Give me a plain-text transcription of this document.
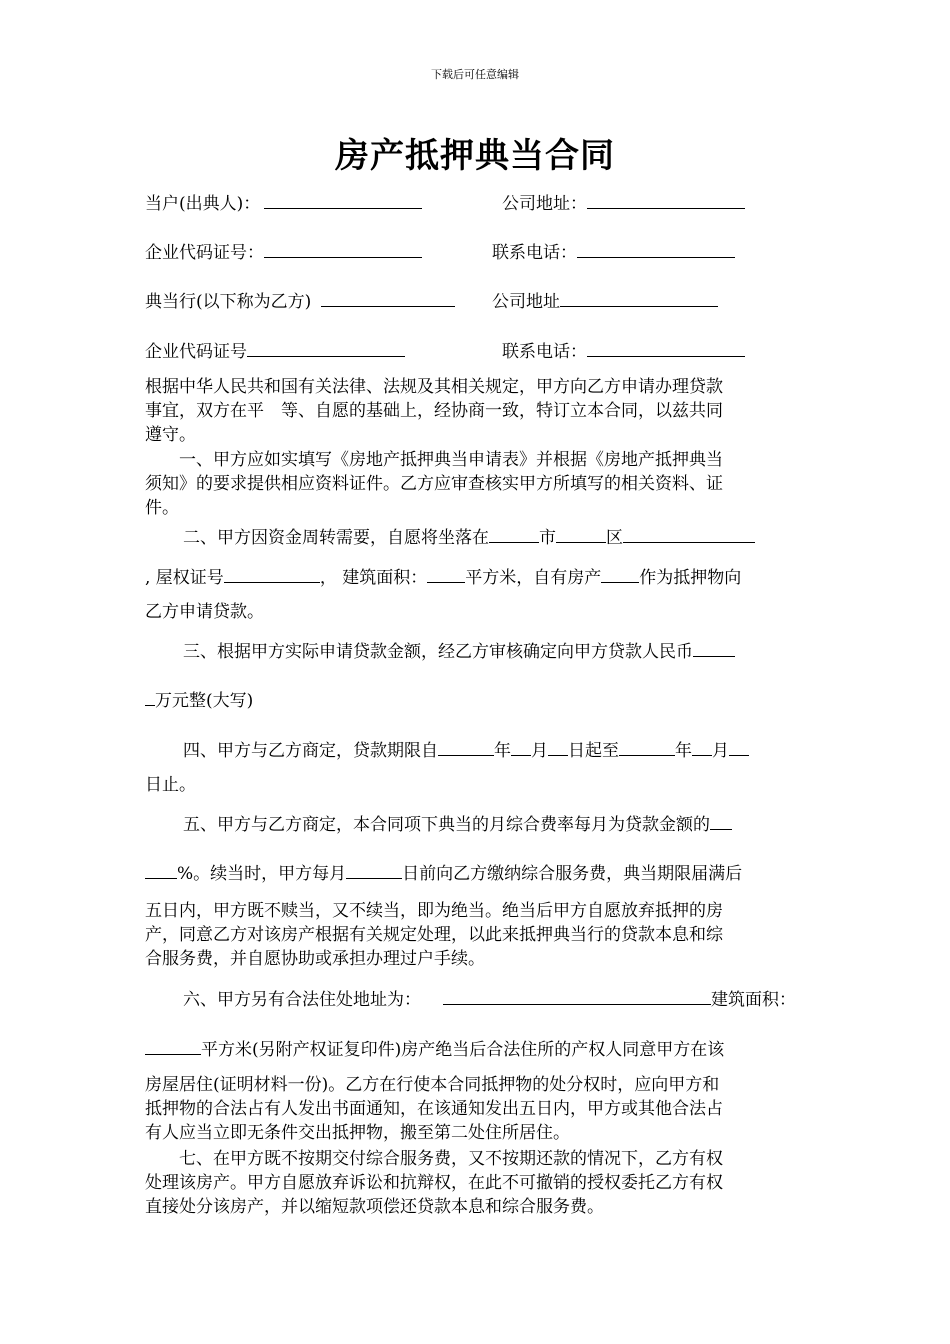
下载后可任意编辑
房产抵押典当合同
当户(出典人)：	公司地址：
企业代码证号：	联系电话：
典当行(以下称为乙方)	公司地址
企业代码证号	联系电话：
根据中华人民共和国有关法律、法规及其相关规定，甲方向乙方申请办理贷款
事宜，双方在平　等、自愿的基础上，经协商一致，特订立本合同，以兹共同
遵守。
　　一、甲方应如实填写《房地产抵押典当申请表》并根据《房地产抵押典当
须知》的要求提供相应资料证件。乙方应审查核实甲方所填写的相关资料、证
件。
二、甲方因资金周转需要，自愿将坐落在	市	区
, 屋权证号	， 建筑面积： 平方米，自有房产 作为抵押物向
乙方申请贷款。
三、根据甲方实际申请贷款金额，经乙方审核确定向甲方贷款人民币
万元整(大写)
四、甲方与乙方商定，贷款期限自	年 月 日起至	年 月
日止。
五、甲方与乙方商定，本合同项下典当的月综合费率每月为贷款金额的
%。续当时，甲方每月	日前向乙方缴纳综合服务费，典当期限届满后
五日内，甲方既不赎当，又不续当，即为绝当。绝当后甲方自愿放弃抵押的房
产，同意乙方对该房产根据有关规定处理，以此来抵押典当行的贷款本息和综
合服务费，并自愿协助或承担办理过户手续。
六、甲方另有合法住处地址为：	建筑面积：
平方米(另附产权证复印件)房产绝当后合法住所的产权人同意甲方在该
房屋居住(证明材料一份)。乙方在行使本合同抵押物的处分权时，应向甲方和
抵押物的合法占有人发出书面通知，在该通知发出五日内，甲方或其他合法占
有人应当立即无条件交出抵押物，搬至第二处住所居住。
　　七、在甲方既不按期交付综合服务费，又不按期还款的情况下，乙方有权
处理该房产。甲方自愿放弃诉讼和抗辩权，在此不可撤销的授权委托乙方有权
直接处分该房产，并以缩短款项偿还贷款本息和综合服务费。
